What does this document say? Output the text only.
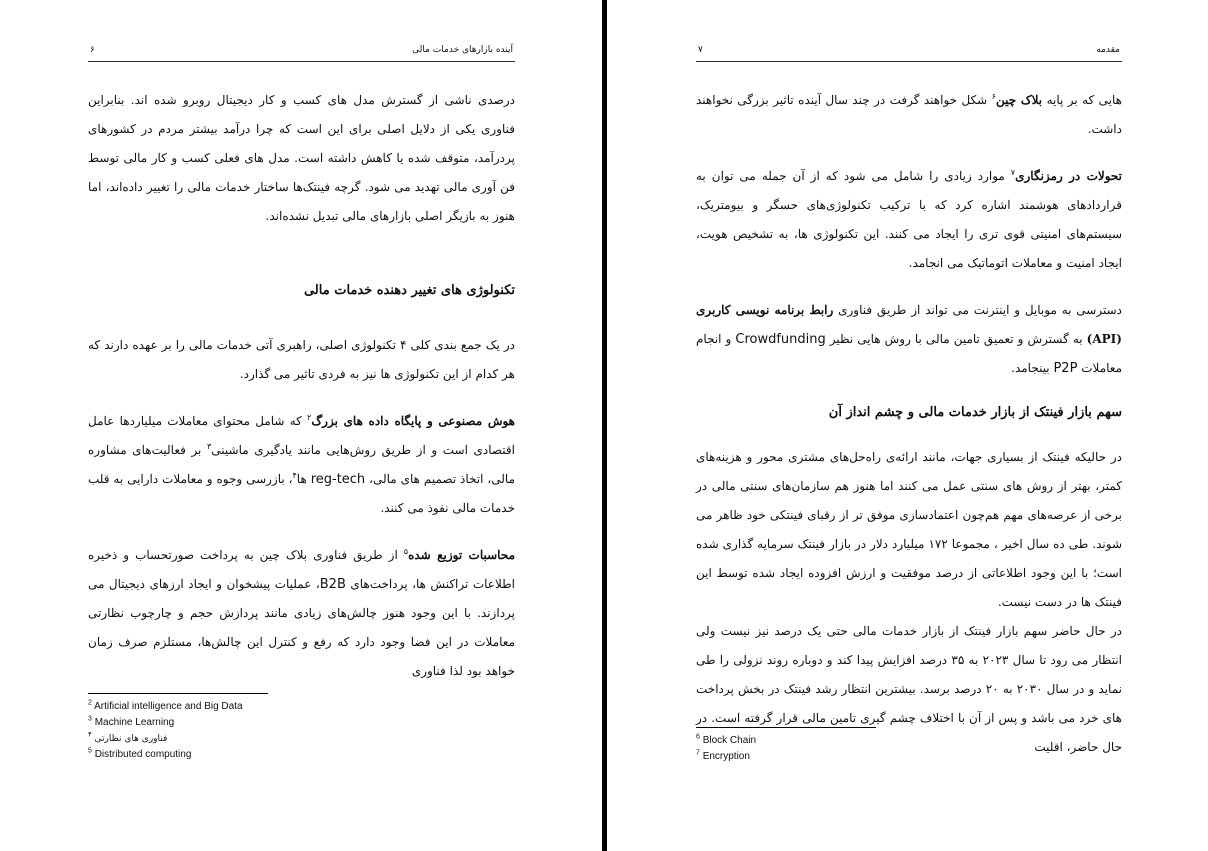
آینده بازارهای خدمات مالی
۶

درصدی ناشی از گسترش مدل های کسب و کار دیجیتال روبرو شده اند. بنابراین فناوری یکی از دلایل اصلی برای این است که چرا درآمد بیشتر مردم در کشورهای پردرآمد، متوقف شده یا کاهش داشته است. مدل های فعلی کسب و کار مالی توسط فن آوری مالی تهدید می شود. گرچه فینتک‌ها ساختار خدمات مالی را تغییر داده‌اند، اما هنوز به بازیگر اصلی بازارهای مالی تبدیل نشده‌اند.

تکنولوژی های تغییر دهنده خدمات مالی

در یک جمع بندی کلی ۴ تکنولوژی اصلی، راهبری آتی خدمات مالی را بر عهده دارند که هر کدام از این تکنولوژی ها نیز به فردی تاثیر می گذارد.

هوش مصنوعی و پایگاه داده های بزرگ$^۲$ که شامل محتوای معاملات میلیاردها عامل اقتصادی است و از طریق روش‌هایی مانند یادگیری ماشینی$^۳$ بر فعالیت‌های مشاوره مالی، اتخاذ تصمیم های مالی، reg-tech ها$^۴$، بازرسی وجوه و معاملات دارایی به قلب خدمات مالی نفوذ می کنند.

محاسبات توزیع شده$^۵$ از طریق فناوری بلاک چین به پرداخت صورتحساب و ذخیره اطلاعات تراکنش ها، پرداخت‌های B2B، عملیات پیشخوان و ایجاد ارزهای دیجیتال می پردازند. با این وجود هنوز چالش‌های زیادی مانند پردازش حجم و چارچوب نظارتی معاملات در این فضا وجود دارد که رفع و کنترل این چالش‌ها، مستلزم صرف زمان خواهد بود لذا فناوری

$^2$ Artificial intelligence and Big Data
$^3$ Machine Learning
$^۴$ فناوری های نظارتی
$^5$ Distributed computing
مقدمه
۷

هایی که بر پایه بلاک چین$^۶$ شکل خواهند گرفت در چند سال آینده تاثیر بزرگی نخواهند داشت.

تحولات در رمزنگاری$^۷$ موارد زیادی را شامل می شود که از آن جمله می توان به قراردادهای هوشمند اشاره کرد که با ترکیب تکنولوژی‌های حسگر و بیومتریک، سیستم‌های امنیتی قوی تری را ایجاد می کنند. این تکنولوژی ها، به تشخیص هویت، ایجاد امنیت و معاملات اتوماتیک می انجامد.

دسترسی به موبایل و اینترنت می تواند از طریق فناوری رابط برنامه نویسی کاربری (API) به گسترش و تعمیق تامین مالی با روش هایی نظیر Crowdfunding و انجام معاملات P2P بینجامد.

سهم بازار فینتک از بازار خدمات مالی و چشم انداز آن

در حالیکه فینتک از بسیاری جهات، مانند ارائه‌ی راه‌حل‌های مشتری محور و هزینه‌های کمتر، بهتر از روش های سنتی عمل می کنند اما هنوز هم سازمان‌های سنتی مالی در برخی از عرصه‌های مهم هم‌چون اعتمادسازی موفق تر از رقبای فینتکی خود ظاهر می شوند. طی ده سال اخیر ، مجموعا ۱۷۲ میلیارد دلار در بازار فینتک سرمایه گذاری شده است؛ با این وجود اطلاعاتی از درصد موفقیت و ارزش افزوده ایجاد شده توسط این فینتک ها در دست نیست.

در حال حاضر سهم بازار فینتک از بازار خدمات مالی حتی یک درصد نیز نیست ولی انتظار می رود تا سال ۲۰۲۳ به ۳۵ درصد افزایش پیدا کند و دوباره روند نزولی را طی نماید و در سال ۲۰۳۰ به ۲۰ درصد برسد. بیشترین انتظار رشد فینتک در بخش پرداخت های خرد می باشد و پس از آن با اختلاف چشم گیری تامین مالی قرار گرفته است. در حال حاضر، اقلیت

$^6$ Block Chain
$^7$ Encryption
